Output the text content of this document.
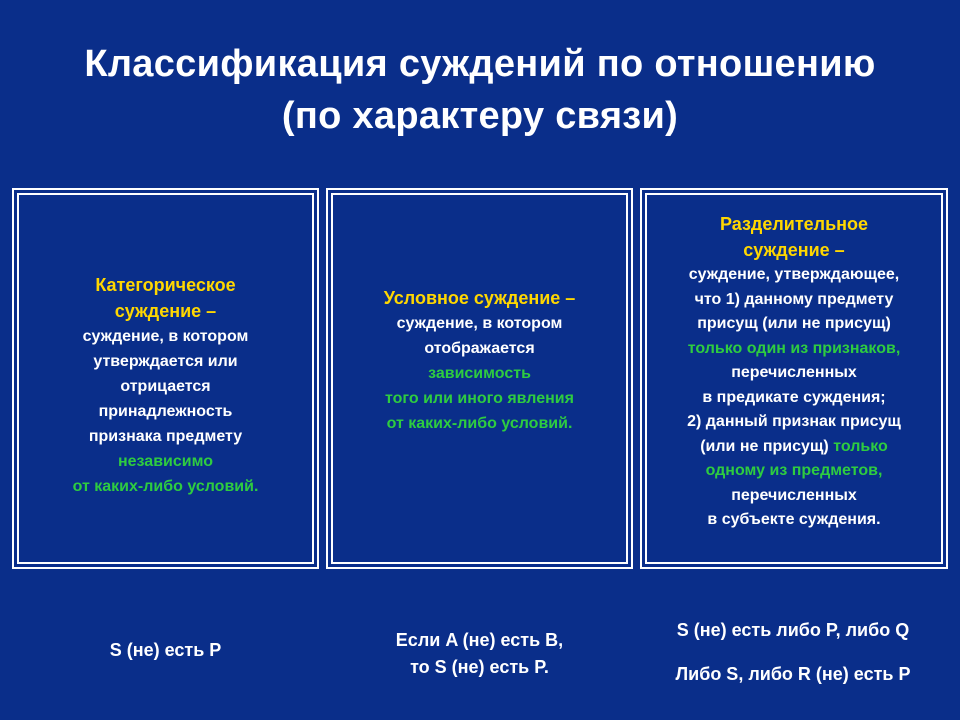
Классификация суждений по отношению
(по характеру связи)
Категорическое
суждение –
суждение, в котором
утверждается или
отрицается
принадлежность
признака предмету
независимо
от каких-либо условий.
Условное суждение –
суждение, в котором
отображается
зависимость
того или иного явления
от каких-либо условий.
Разделительное
суждение –
суждение, утверждающее,
что 1) данному предмету
присущ (или не присущ)
только один из признаков,
перечисленных
в предикате суждения;
2) данный признак присущ
(или не присущ) только
одному из предметов,
перечисленных
в субъекте суждения.
S (не) есть P	Если A (не) есть B,
то S (не) есть P.
S (не) есть либо P, либо Q
Либо S, либо R (не) есть P
